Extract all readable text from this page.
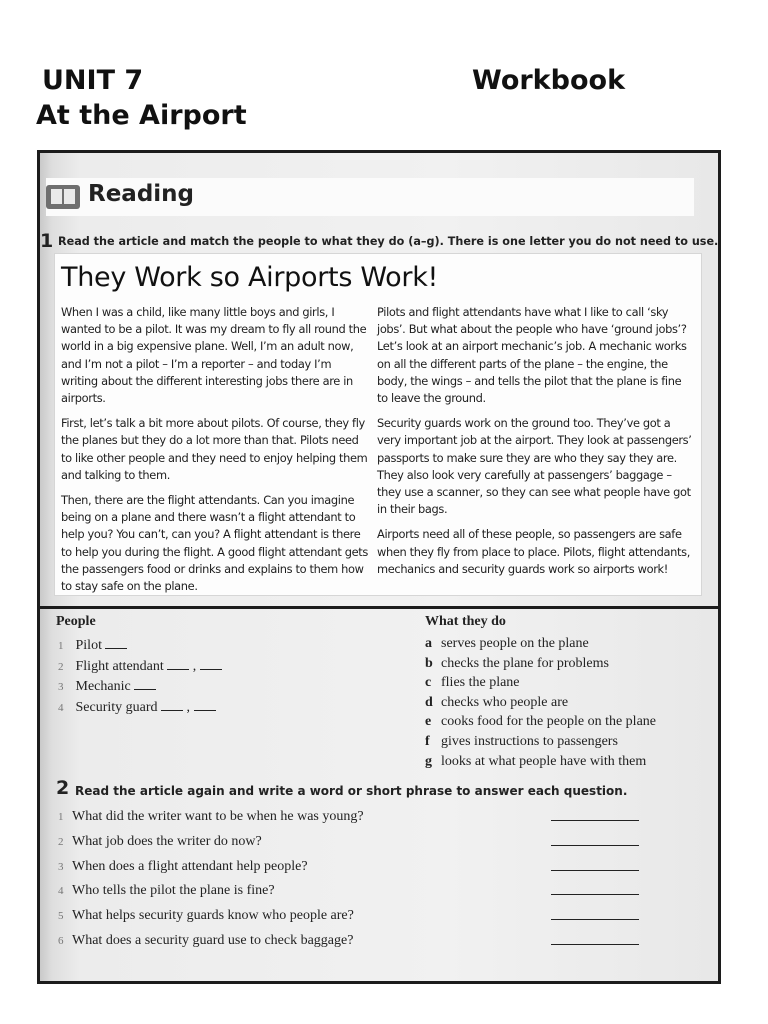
UNIT 7
At the Airport
Workbook
Reading
1 Read the article and match the people to what they do (a–g). There is one letter you do not need to use.
They Work so Airports Work!

When I was a child, like many little boys and girls, I wanted to be a pilot. It was my dream to fly all round the world in a big expensive plane. Well, I’m an adult now, and I’m not a pilot – I’m a reporter – and today I’m writing about the different interesting jobs there are in airports.

First, let’s talk a bit more about pilots. Of course, they fly the planes but they do a lot more than that. Pilots need to like other people and they need to enjoy helping them and talking to them.

Then, there are the flight attendants. Can you imagine being on a plane and there wasn’t a flight attendant to help you? You can’t, can you? A flight attendant is there to help you during the flight. A good flight attendant gets the passengers food or drinks and explains to them how to stay safe on the plane.

Pilots and flight attendants have what I like to call ‘sky jobs’. But what about the people who have ‘ground jobs’? Let’s look at an airport mechanic’s job. A mechanic works on all the different parts of the plane – the engine, the body, the wings – and tells the pilot that the plane is fine to leave the ground.

Security guards work on the ground too. They’ve got a very important job at the airport. They look at passengers’ passports to make sure they are who they say they are. They also look very carefully at passengers’ baggage – they use a scanner, so they can see what people have got in their bags.

Airports need all of these people, so passengers are safe when they fly from place to place. Pilots, flight attendants, mechanics and security guards work so airports work!

People
1 Pilot
2 Flight attendant  ,
3 Mechanic
4 Security guard  ,
What they do
a serves people on the plane
b checks the plane for problems
c flies the plane
d checks who people are
e cooks food for the people on the plane
f gives instructions to passengers
g looks at what people have with them
2 Read the article again and write a word or short phrase to answer each question.
1 What did the writer want to be when he was young?
2 What job does the writer do now?
3 When does a flight attendant help people?
4 Who tells the pilot the plane is fine?
5 What helps security guards know who people are?
6 What does a security guard use to check baggage?
